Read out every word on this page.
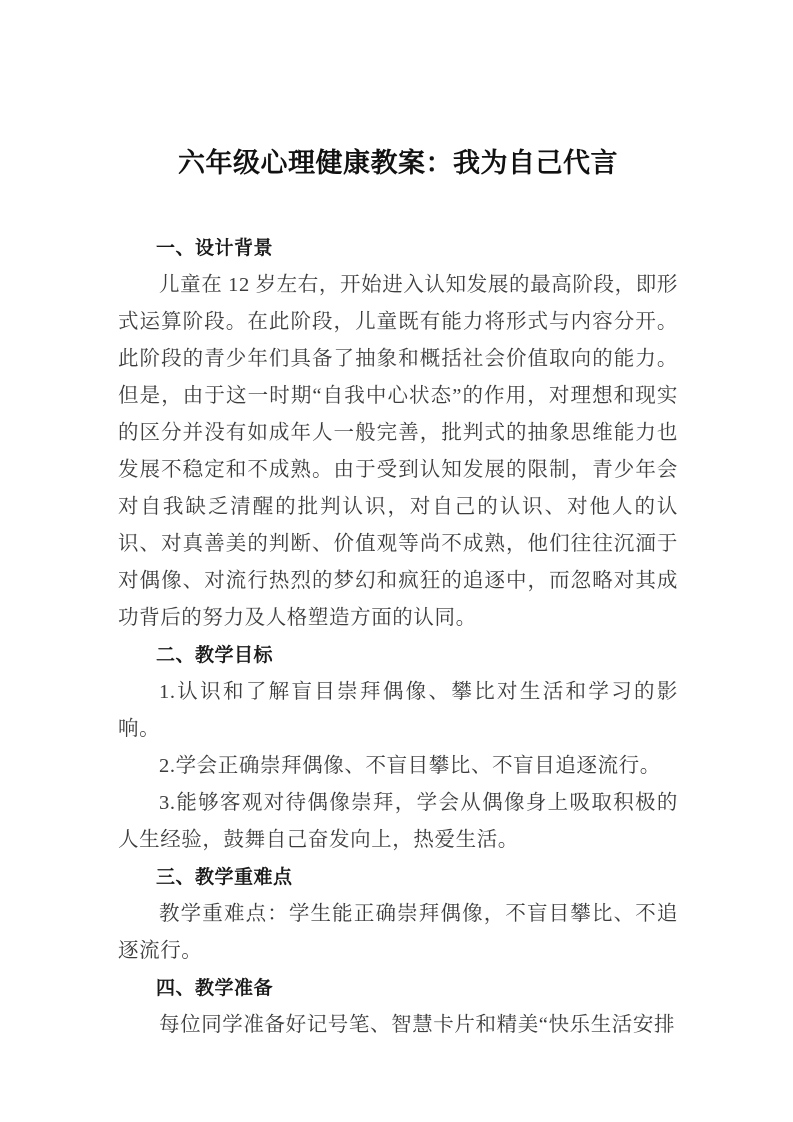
六年级心理健康教案：我为自己代言
一、设计背景

儿童在 12 岁左右，开始进入认知发展的最高阶段，即形式运算阶段。在此阶段，儿童既有能力将形式与内容分开。此阶段的青少年们具备了抽象和概括社会价值取向的能力。但是，由于这一时期“自我中心状态”的作用，对理想和现实的区分并没有如成年人一般完善，批判式的抽象思维能力也发展不稳定和不成熟。由于受到认知发展的限制，青少年会对自我缺乏清醒的批判认识，对自己的认识、对他人的认识、对真善美的判断、价值观等尚不成熟，他们往往沉湎于对偶像、对流行热烈的梦幻和疯狂的追逐中，而忽略对其成功背后的努力及人格塑造方面的认同。

二、教学目标

1.认识和了解盲目崇拜偶像、攀比对生活和学习的影响。

2.学会正确崇拜偶像、不盲目攀比、不盲目追逐流行。

3.能够客观对待偶像崇拜，学会从偶像身上吸取积极的人生经验，鼓舞自己奋发向上，热爱生活。

三、教学重难点

教学重难点：学生能正确崇拜偶像，不盲目攀比、不追逐流行。

四、教学准备

每位同学准备好记号笔、智慧卡片和精美“快乐生活安排
